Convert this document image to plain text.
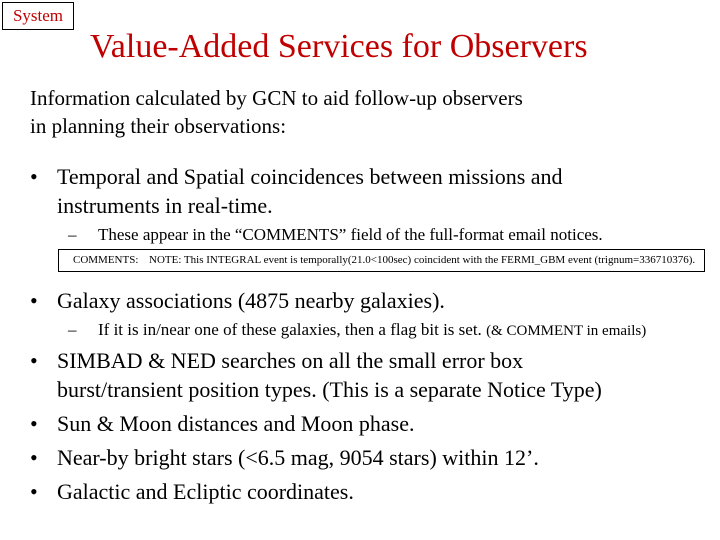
System
Value-Added Services for Observers
Information calculated by GCN to aid follow-up observers
in planning their observations:
• Temporal and Spatial coincidences between missions and
instruments in real-time.
– These appear in the “COMMENTS” field of the full-format email notices.
COMMENTS: NOTE: This INTEGRAL event is temporally(21.0<100sec) coincident with the FERMI_GBM event (trignum=336710376).
• Galaxy associations (4875 nearby galaxies).
– If it is in/near one of these galaxies, then a flag bit is set. (& COMMENT in emails)
• SIMBAD & NED searches on all the small error box
burst/transient position types. (This is a separate Notice Type)
• Sun & Moon distances and Moon phase.
• Near-by bright stars (<6.5 mag, 9054 stars) within 12’.
• Galactic and Ecliptic coordinates.
